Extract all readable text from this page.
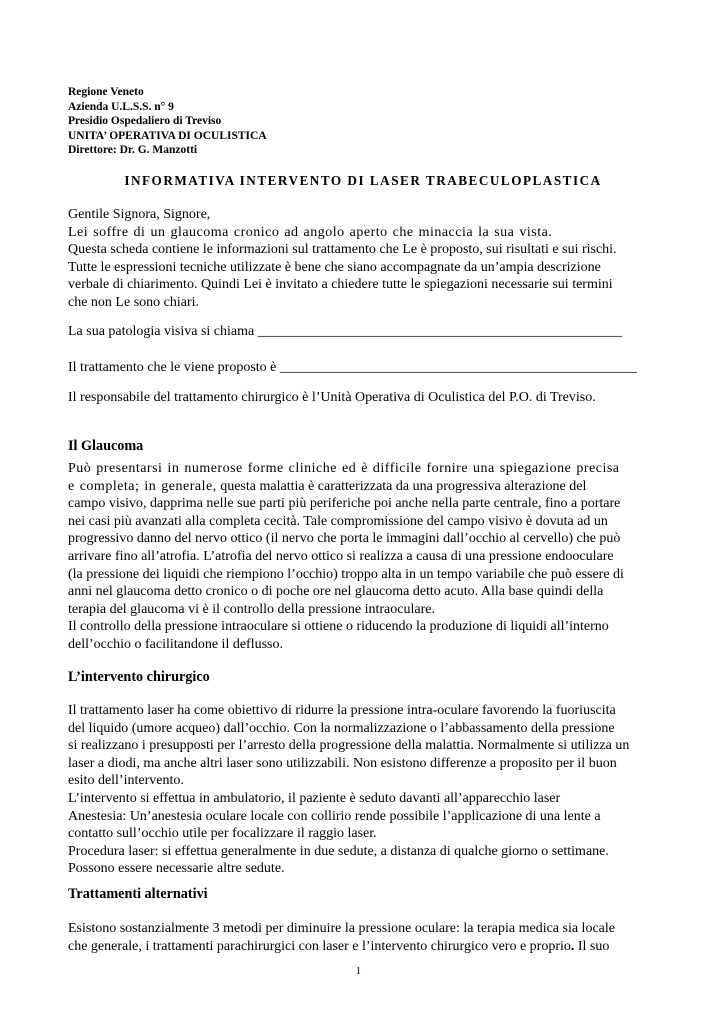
Regione Veneto
Azienda U.L.S.S. n° 9
Presidio Ospedaliero di Treviso
UNITA’ OPERATIVA DI OCULISTICA
Direttore: Dr. G. Manzotti
INFORMATIVA INTERVENTO DI LASER TRABECULOPLASTICA
Gentile Signora, Signore,
Lei soffre di un glaucoma cronico ad angolo aperto che minaccia la sua vista.
Questa scheda contiene le informazioni sul trattamento che Le è proposto, sui risultati e sui rischi.
Tutte le espressioni tecniche utilizzate è bene che siano accompagnate da un’ampia descrizione
verbale di chiarimento. Quindi Lei è invitato a chiedere tutte le spiegazioni necessarie sui termini
che non Le sono chiari.
La sua patologia visiva si chiama ____________________________________________________
Il trattamento che le viene proposto è ___________________________________________________
Il responsabile del trattamento chirurgico è l’Unità Operativa di Oculistica del P.O. di Treviso.
Il Glaucoma
Può presentarsi in numerose forme cliniche ed è difficile fornire una spiegazione precisa
e completa; in generale, questa malattia è caratterizzata da una progressiva alterazione del
campo visivo, dapprima nelle sue parti più periferiche poi anche nella parte centrale, fino a portare
nei casi più avanzati alla completa cecità. Tale compromissione del campo visivo è dovuta ad un
progressivo danno del nervo ottico (il nervo che porta le immagini dall’occhio al cervello) che può
arrivare fino all’atrofia. L’atrofia del nervo ottico si realizza a causa di una pressione endooculare
(la pressione dei liquidi che riempiono l’occhio) troppo alta in un tempo variabile che può essere di
anni nel glaucoma detto cronico o di poche ore nel glaucoma detto acuto. Alla base quindi della
terapia del glaucoma vi è il controllo della pressione intraoculare.
Il controllo della pressione intraoculare si ottiene o riducendo la produzione di liquidi all’interno
dell’occhio o facilitandone il deflusso.
L’intervento chirurgico
Il trattamento laser ha come obiettivo di ridurre la pressione intra-oculare favorendo la fuoriuscita
del liquido (umore acqueo) dall’occhio. Con la normalizzazione o l’abbassamento della pressione
si realizzano i presupposti per l’arresto della progressione della malattia. Normalmente si utilizza un
laser a diodi, ma anche altri laser sono utilizzabili. Non esistono differenze a proposito per il buon
esito dell’intervento.
L’intervento si effettua in ambulatorio, il paziente è seduto davanti all’apparecchio laser
Anestesia: Un’anestesia oculare locale con collirio rende possibile l’applicazione di una lente a
contatto sull’occhio utile per focalizzare il raggio laser.
Procedura laser: si effettua generalmente in due sedute, a distanza di qualche giorno o settimane.
Possono essere necessarie altre sedute.
Trattamenti alternativi
Esistono sostanzialmente 3 metodi per diminuire la pressione oculare: la terapia medica sia locale
che generale, i trattamenti parachirurgici con laser e l’intervento chirurgico vero e proprio. Il suo
1
